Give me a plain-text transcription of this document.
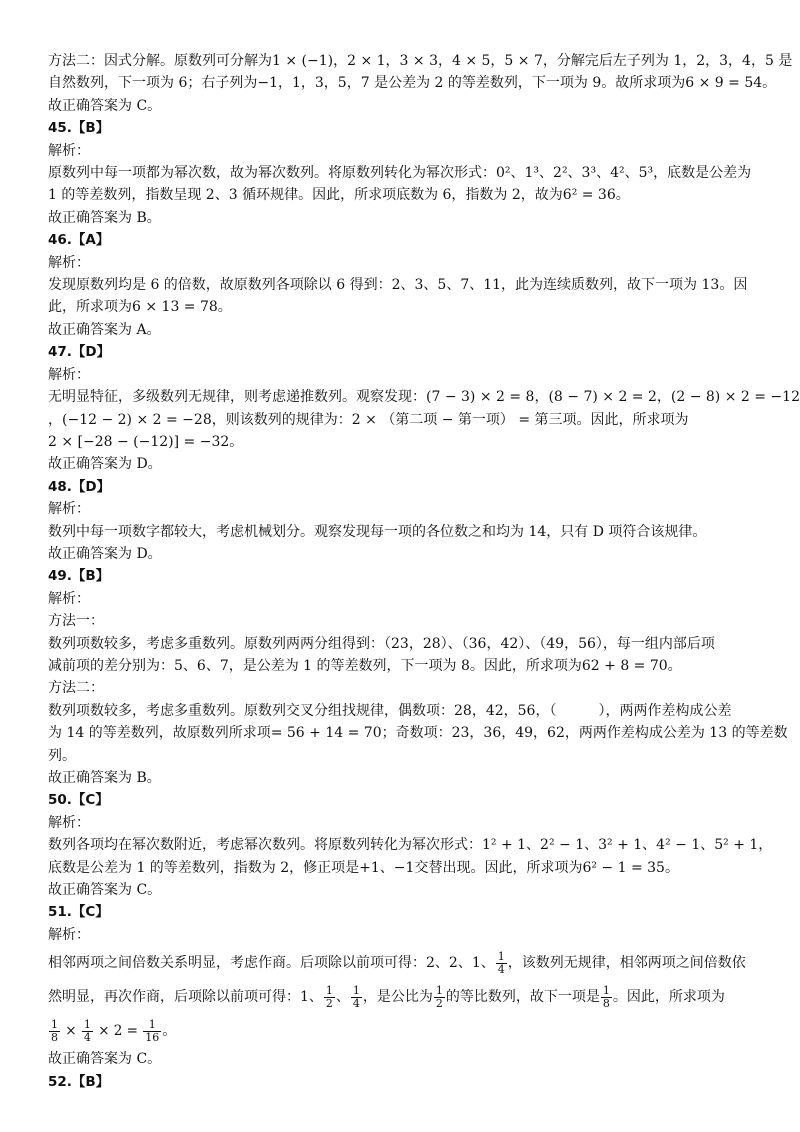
方法二：因式分解。原数列可分解为1 × (−1)，2 × 1，3 × 3，4 × 5，5 × 7，分解完后左子列为 1，2，3，4，5 是
自然数列，下一项为 6；右子列为−1，1，3，5，7 是公差为 2 的等差数列，下一项为 9。故所求项为6 × 9 = 54。
故正确答案为 C。
45.【B】
解析：
原数列中每一项都为幂次数，故为幂次数列。将原数列转化为幂次形式：0²、1³、2²、3³、4²、5³，底数是公差为
1 的等差数列，指数呈现 2、3 循环规律。因此，所求项底数为 6，指数为 2，故为6² = 36。
故正确答案为 B。
46.【A】
解析：
发现原数列均是 6 的倍数，故原数列各项除以 6 得到：2、3、5、7、11，此为连续质数列，故下一项为 13。因
此，所求项为6 × 13 = 78。
故正确答案为 A。
47.【D】
解析：
无明显特征，多级数列无规律，则考虑递推数列。观察发现：(7 − 3) × 2 = 8，(8 − 7) × 2 = 2，(2 − 8) × 2 = −12
，(−12 − 2) × 2 = −28，则该数列的规律为：2 × （第二项 − 第一项） = 第三项。因此，所求项为
2 × [−28 − (−12)] = −32。
故正确答案为 D。
48.【D】
解析：
数列中每一项数字都较大，考虑机械划分。观察发现每一项的各位数之和均为 14，只有 D 项符合该规律。
故正确答案为 D。
49.【B】
解析：
方法一：
数列项数较多，考虑多重数列。原数列两两分组得到：（23，28）、（36，42）、（49，56），每一组内部后项
减前项的差分别为：5、6、7，是公差为 1 的等差数列，下一项为 8。因此，所求项为62 + 8 = 70。
方法二：
数列项数较多，考虑多重数列。原数列交叉分组找规律，偶数项：28，42，56，（　　　），两两作差构成公差
为 14 的等差数列，故原数列所求项= 56 + 14 = 70；奇数项：23，36，49，62，两两作差构成公差为 13 的等差数
列。
故正确答案为 B。
50.【C】
解析：
数列各项均在幂次数附近，考虑幂次数列。将原数列转化为幂次形式：1² + 1、2² − 1、3² + 1、4² − 1、5² + 1，
底数是公差为 1 的等差数列，指数为 2，修正项是+1、−1交替出现。因此，所求项为6² − 1 = 35。
故正确答案为 C。
51.【C】
解析：
相邻两项之间倍数关系明显，考虑作商。后项除以前项可得：2、2、1、 $\frac{1}{4}$ ，该数列无规律，相邻两项之间倍数依
然明显，再次作商，后项除以前项可得：1、 $\frac{1}{2}$ 、 $\frac{1}{4}$ ，是公比为 $\frac{1}{2}$ 的等比数列，故下一项是 $\frac{1}{8}$ 。因此，所求项为
$\frac{1}{8} \times \frac{1}{4} \times 2 = \frac{1}{16}$ 。
故正确答案为 C。
52.【B】
